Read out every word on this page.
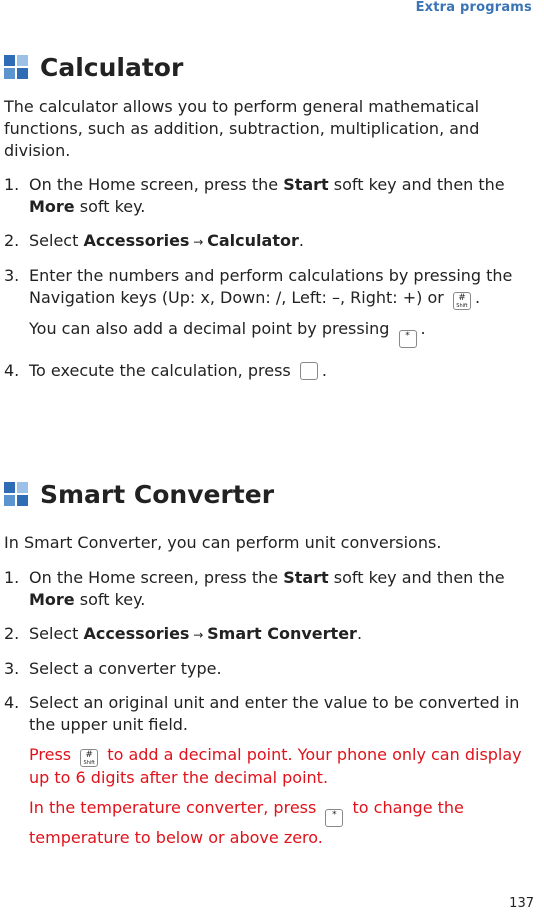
Extra programs
Calculator

The calculator allows you to perform general mathematical functions, such as addition, subtraction, multiplication, and division.

1. On the Home screen, press the Start soft key and then the More soft key.
2. Select Accessories → Calculator.
3. Enter the numbers and perform calculations by pressing the Navigation keys (Up: x, Down: /, Left: –, Right: +) or	#
Shift .
You can also add a decimal point by pressing	* .
4. To execute the calculation, press .
Smart Converter

In Smart Converter, you can perform unit conversions.

1. On the Home screen, press the Start soft key and then the More soft key.
2. Select Accessories → Smart Converter.
3. Select a converter type.
4. Select an original unit and enter the value to be converted in the upper unit field.
Press	#
Shift to add a decimal point. Your phone only can display up to 6 digits after the decimal point.
In the temperature converter, press	* to change the temperature to below or above zero.
137
